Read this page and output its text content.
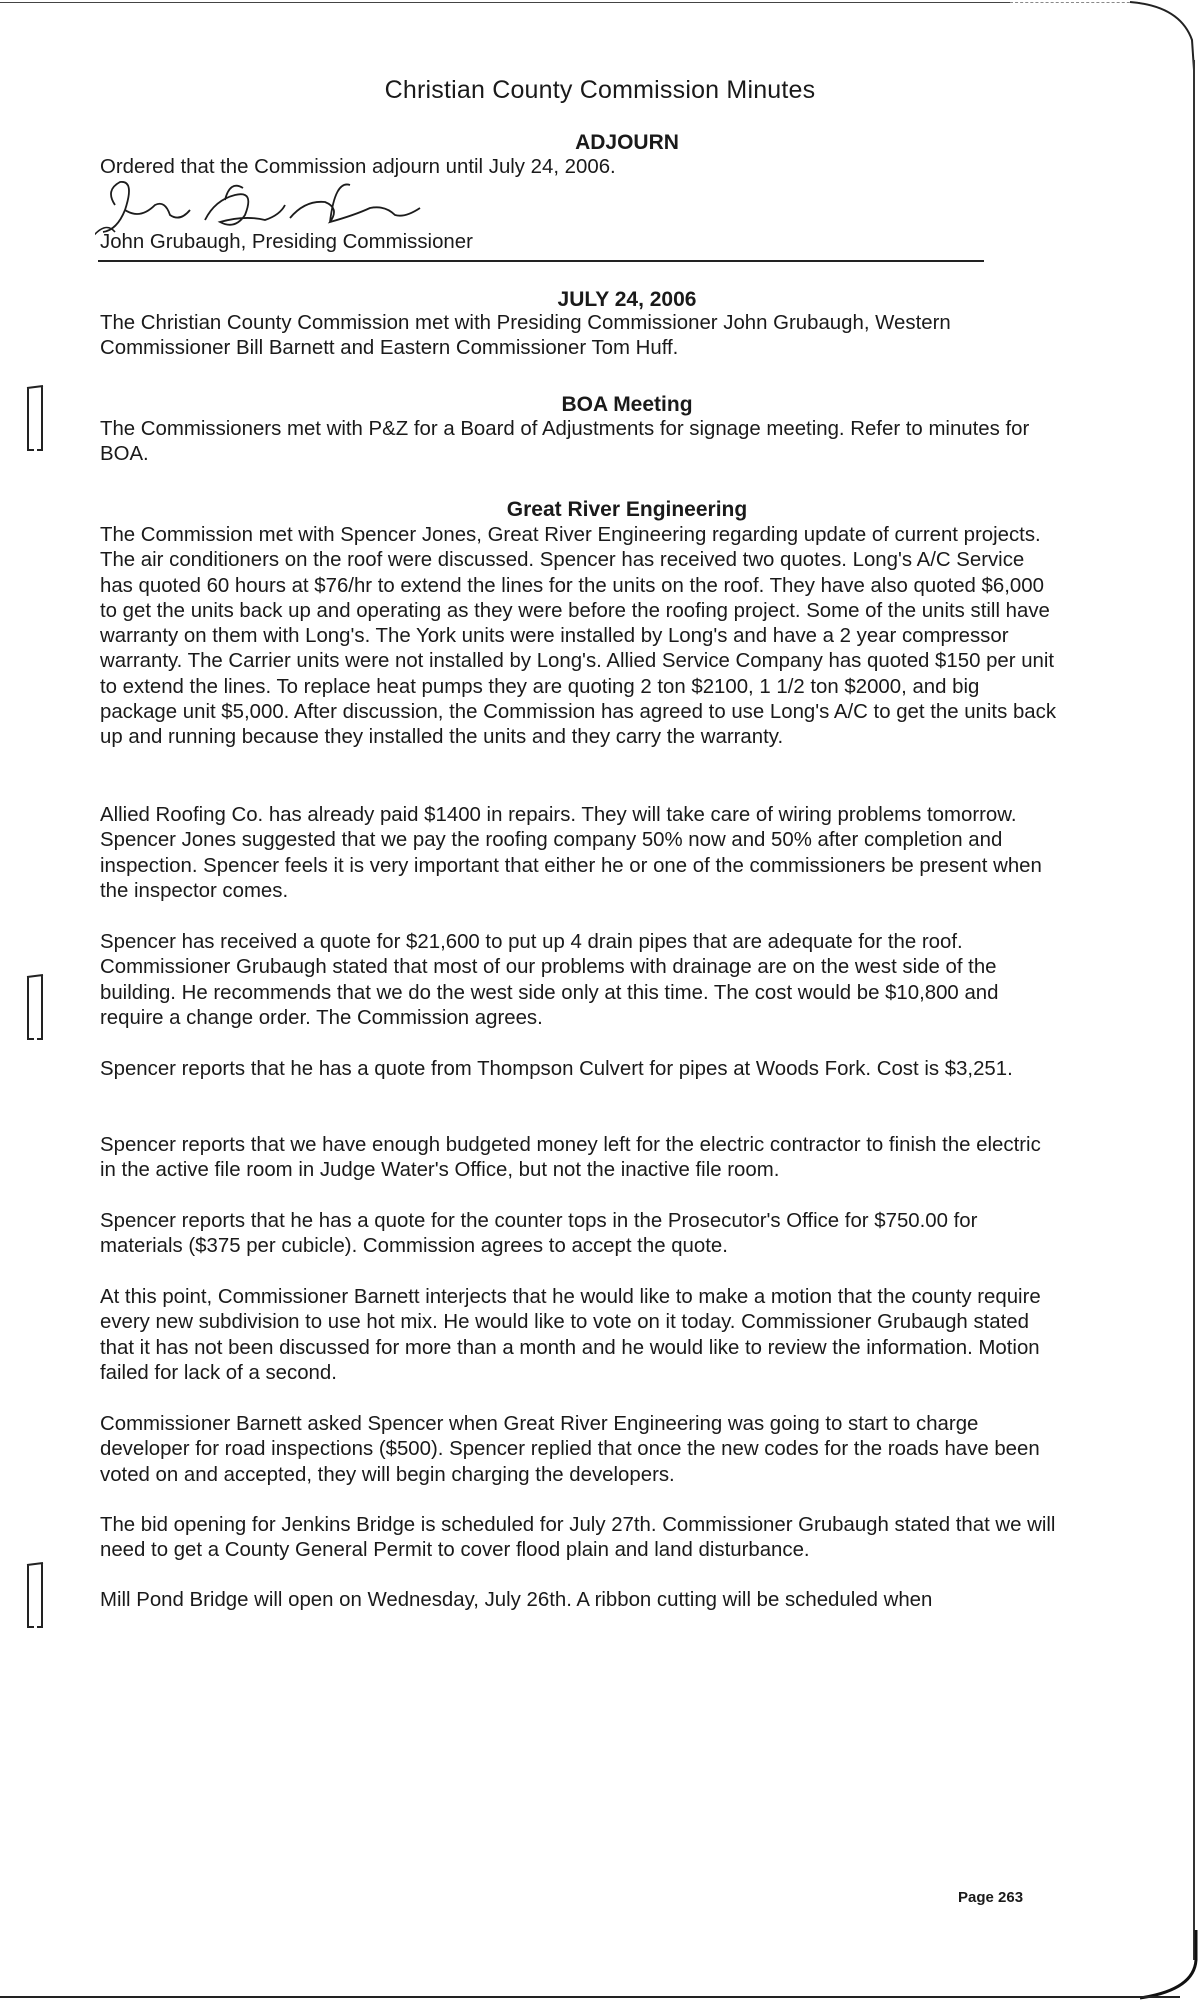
Christian County Commission Minutes
ADJOURN
Ordered that the Commission adjourn until July 24, 2006.
John Grubaugh, Presiding Commissioner
JULY 24, 2006

The Christian County Commission met with Presiding Commissioner John Grubaugh, Western Commissioner Bill Barnett and Eastern Commissioner Tom Huff.

BOA Meeting

The Commissioners met with P&Z for a Board of Adjustments for signage meeting. Refer to minutes for BOA.

Great River Engineering

The Commission met with Spencer Jones, Great River Engineering regarding update of current projects. The air conditioners on the roof were discussed. Spencer has received two quotes. Long's A/C Service has quoted 60 hours at $76/hr to extend the lines for the units on the roof. They have also quoted $6,000 to get the units back up and operating as they were before the roofing project. Some of the units still have warranty on them with Long's. The York units were installed by Long's and have a 2 year compressor warranty. The Carrier units were not installed by Long's. Allied Service Company has quoted $150 per unit to extend the lines. To replace heat pumps they are quoting 2 ton $2100, 1 1/2 ton $2000, and big package unit $5,000. After discussion, the Commission has agreed to use Long's A/C to get the units back up and running because they installed the units and they carry the warranty.

Allied Roofing Co. has already paid $1400 in repairs. They will take care of wiring problems tomorrow. Spencer Jones suggested that we pay the roofing company 50% now and 50% after completion and inspection. Spencer feels it is very important that either he or one of the commissioners be present when the inspector comes.

Spencer has received a quote for $21,600 to put up 4 drain pipes that are adequate for the roof. Commissioner Grubaugh stated that most of our problems with drainage are on the west side of the building. He recommends that we do the west side only at this time. The cost would be $10,800 and require a change order. The Commission agrees.

Spencer reports that he has a quote from Thompson Culvert for pipes at Woods Fork. Cost is $3,251.

Spencer reports that we have enough budgeted money left for the electric contractor to finish the electric in the active file room in Judge Water's Office, but not the inactive file room.

Spencer reports that he has a quote for the counter tops in the Prosecutor's Office for $750.00 for materials ($375 per cubicle). Commission agrees to accept the quote.

At this point, Commissioner Barnett interjects that he would like to make a motion that the county require every new subdivision to use hot mix. He would like to vote on it today. Commissioner Grubaugh stated that it has not been discussed for more than a month and he would like to review the information. Motion failed for lack of a second.

Commissioner Barnett asked Spencer when Great River Engineering was going to start to charge developer for road inspections ($500). Spencer replied that once the new codes for the roads have been voted on and accepted, they will begin charging the developers.

The bid opening for Jenkins Bridge is scheduled for July 27th. Commissioner Grubaugh stated that we will need to get a County General Permit to cover flood plain and land disturbance.

Mill Pond Bridge will open on Wednesday, July 26th. A ribbon cutting will be scheduled when
Page 263
